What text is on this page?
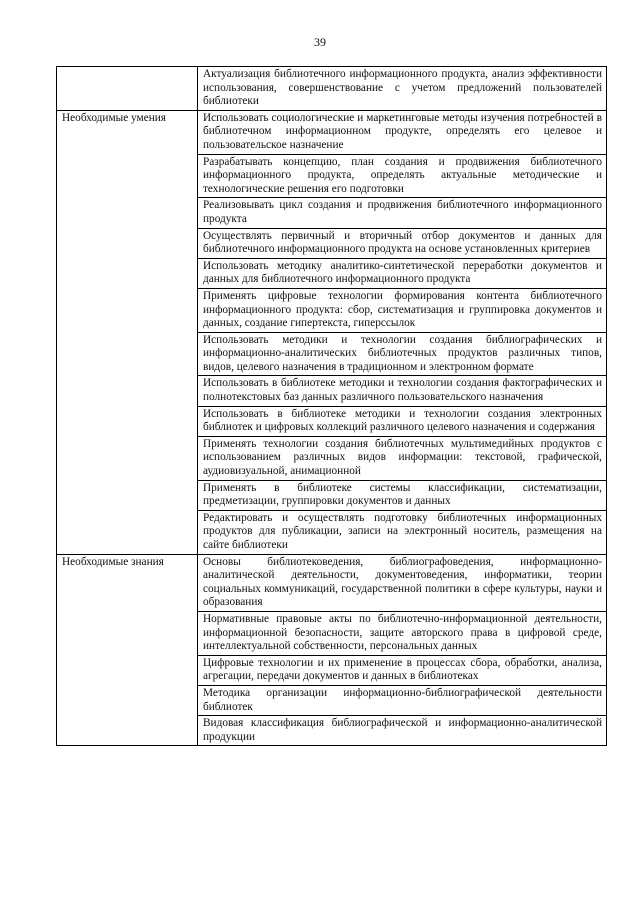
39
	Актуализация библиотечного информационного продукта, анализ эффективности использования, совершенствование с учетом предложений пользователей библиотеки
Необходимые умения	Использовать социологические и маркетинговые методы изучения потребностей в библиотечном информационном продукте, определять его целевое и пользовательское назначение
	Разрабатывать концепцию, план создания и продвижения библиотечного информационного продукта, определять актуальные методические и технологические решения его подготовки
	Реализовывать цикл создания и продвижения библиотечного информационного продукта
	Осуществлять первичный и вторичный отбор документов и данных для библиотечного информационного продукта на основе установленных критериев
	Использовать методику аналитико-синтетической переработки документов и данных для библиотечного информационного продукта
	Применять цифровые технологии формирования контента библиотечного информационного продукта: сбор, систематизация и группировка документов и данных, создание гипертекста, гиперссылок
	Использовать методики и технологии создания библиографических и информационно-аналитических библиотечных продуктов различных типов, видов, целевого назначения в традиционном и электронном формате
	Использовать в библиотеке методики и технологии создания фактографических и полнотекстовых баз данных различного пользовательского назначения
	Использовать в библиотеке методики и технологии создания электронных библиотек и цифровых коллекций различного целевого назначения и содержания
	Применять технологии создания библиотечных мультимедийных продуктов с использованием различных видов информации: текстовой, графической, аудиовизуальной, анимационной
	Применять в библиотеке системы классификации, систематизации, предметизации, группировки документов и данных
	Редактировать и осуществлять подготовку библиотечных информационных продуктов для публикации, записи на электронный носитель, размещения на сайте библиотеки
Необходимые знания	Основы библиотековедения, библиографоведения, информационно-аналитической деятельности, документоведения, информатики, теории социальных коммуникаций, государственной политики в сфере культуры, науки и образования
	Нормативные правовые акты по библиотечно-информационной деятельности, информационной безопасности, защите авторского права в цифровой среде, интеллектуальной собственности, персональных данных
	Цифровые технологии и их применение в процессах сбора, обработки, анализа, агрегации, передачи документов и данных в библиотеках
	Методика организации информационно-библиографической деятельности библиотек
	Видовая классификация библиографической и информационно-аналитической продукции
